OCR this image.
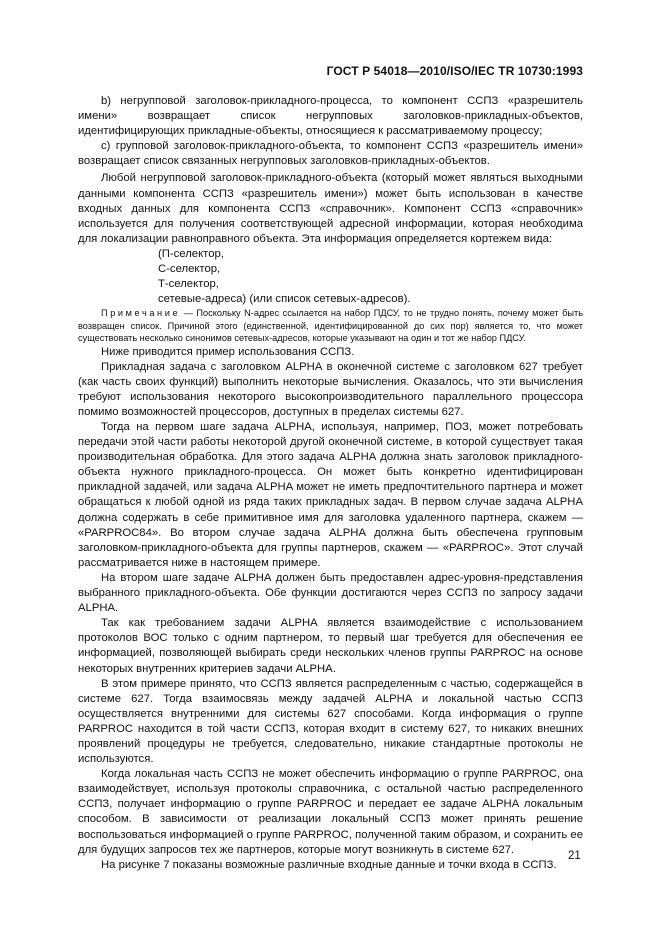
ГОСТ Р 54018—2010/ISO/IEC TR 10730:1993

b) негрупповой заголовок-прикладного-процесса, то компонент ССПЗ «разрешитель имени» возвращает список негрупповых заголовков-прикладных-объектов, идентифицирующих прикладные-объекты, относящиеся к рассматриваемому процессу;

c) групповой заголовок-прикладного-объекта, то компонент ССПЗ «разрешитель имени» возвращает список связанных негрупповых заголовков-прикладных-объектов.

Любой негрупповой заголовок-прикладного-объекта (который может являться выходными данными компонента ССПЗ «разрешитель имени») может быть использован в качестве входных данных для компонента ССПЗ «справочник». Компонент ССПЗ «справочник» используется для получения соответствующей адресной информации, которая необходима для локализации равноправного объекта. Эта информация определяется кортежем вида:

(П-селектор,
С-селектор,
Т-селектор,
сетевые-адреса) (или список сетевых-адресов).

Примечание — Поскольку N-адрес ссылается на набор ПДСУ, то не трудно понять, почему может быть возвращен список. Причиной этого (единственной, идентифицированной до сих пор) является то, что может существовать несколько синонимов сетевых-адресов, которые указывают на один и тот же набор ПДСУ.

Ниже приводится пример использования ССПЗ.

Прикладная задача с заголовком ALPHA в оконечной системе с заголовком 627 требует (как часть своих функций) выполнить некоторые вычисления. Оказалось, что эти вычисления требуют использования некоторого высокопроизводительного параллельного процессора помимо возможностей процессоров, доступных в пределах системы 627.

Тогда на первом шаге задача ALPHA, используя, например, ПОЗ, может потребовать передачи этой части работы некоторой другой оконечной системе, в которой существует такая производительная обработка. Для этого задача ALPHA должна знать заголовок прикладного-объекта нужного прикладного-процесса. Он может быть конкретно идентифицирован прикладной задачей, или задача ALPHA может не иметь предпочтительного партнера и может обращаться к любой одной из ряда таких прикладных задач. В первом случае задача ALPHA должна содержать в себе примитивное имя для заголовка удаленного партнера, скажем — «PARPROC84». Во втором случае задача ALPHA должна быть обеспечена групповым заголовком-прикладного-объекта для группы партнеров, скажем — «PARPROC». Этот случай рассматривается ниже в настоящем примере.

На втором шаге задаче ALPHA должен быть предоставлен адрес-уровня-представления выбранного прикладного-объекта. Обе функции достигаются через ССПЗ по запросу задачи ALPHA.

Так как требованием задачи ALPHA является взаимодействие с использованием протоколов ВОС только с одним партнером, то первый шаг требуется для обеспечения ее информацией, позволяющей выбирать среди нескольких членов группы PARPROC на основе некоторых внутренних критериев задачи ALPHA.

В этом примере принято, что ССПЗ является распределенным с частью, содержащейся в системе 627. Тогда взаимосвязь между задачей ALPHA и локальной частью ССПЗ осуществляется внутренними для системы 627 способами. Когда информация о группе PARPROC находится в той части ССПЗ, которая входит в систему 627, то никаких внешних проявлений процедуры не требуется, следовательно, никакие стандартные протоколы не используются.

Когда локальная часть ССПЗ не может обеспечить информацию о группе PARPROC, она взаимодействует, используя протоколы справочника, с остальной частью распределенного ССПЗ, получает информацию о группе PARPROC и передает ее задаче ALPHA локальным способом. В зависимости от реализации локальный ССПЗ может принять решение воспользоваться информацией о группе PARPROC, полученной таким образом, и сохранить ее для будущих запросов тех же партнеров, которые могут возникнуть в системе 627.

На рисунке 7 показаны возможные различные входные данные и точки входа в ССПЗ.

21
